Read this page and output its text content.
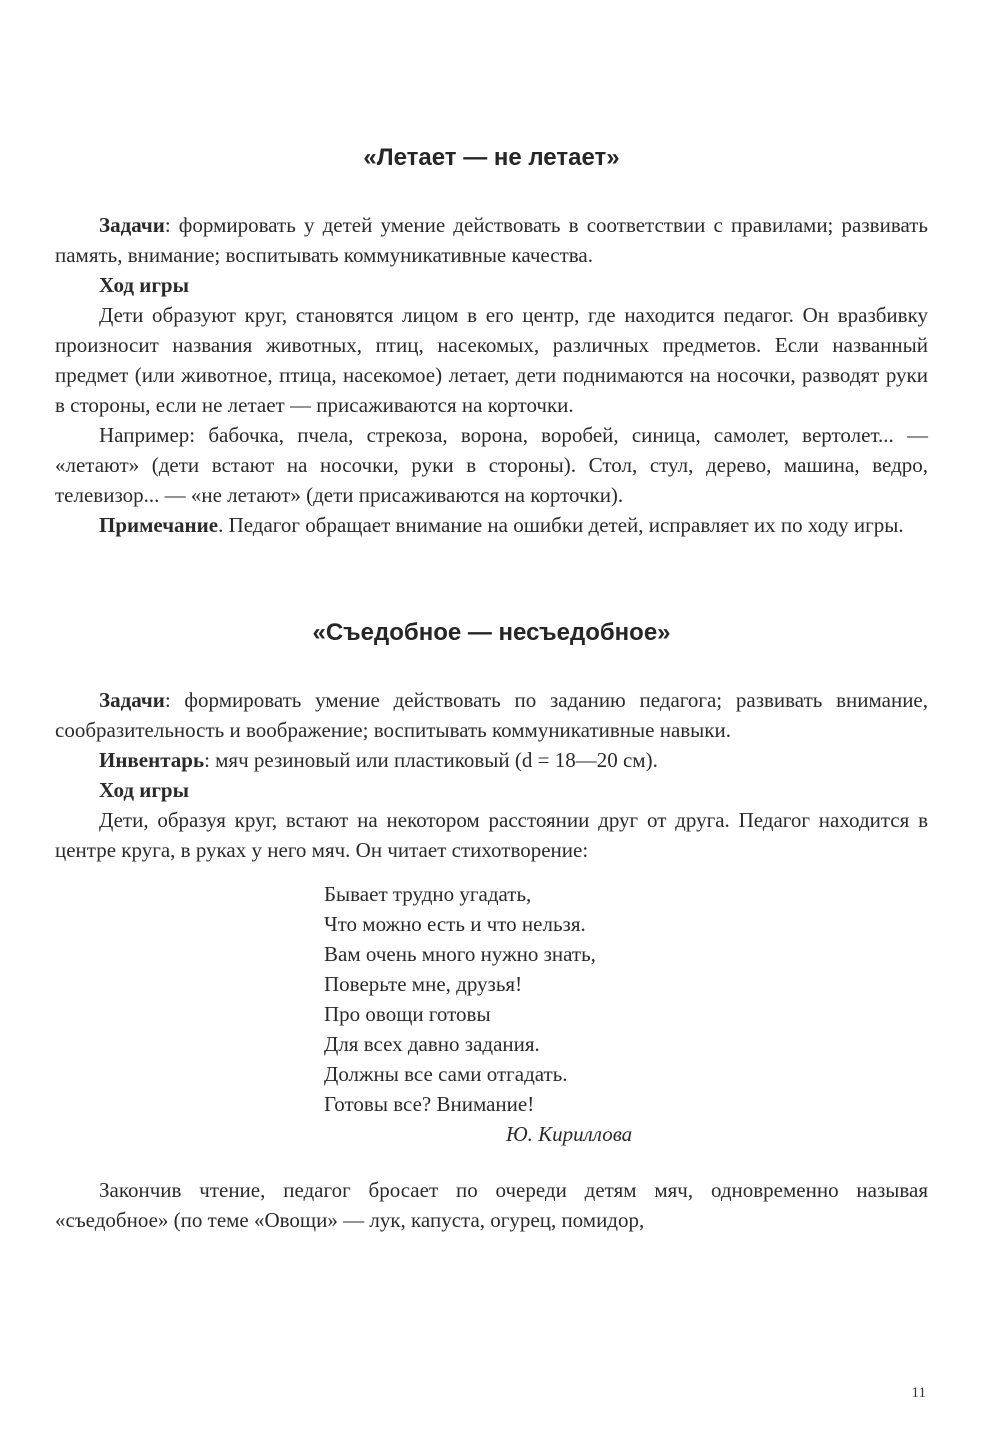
«Летает — не летает»

Задачи: формировать у детей умение действовать в соответствии с правилами; развивать память, внимание; воспитывать коммуникативные качества.

Ход игры

Дети образуют круг, становятся лицом в его центр, где находится педагог. Он вразбивку произносит названия животных, птиц, насекомых, различных предметов. Если названный предмет (или животное, птица, насекомое) летает, дети поднимаются на носочки, разводят руки в стороны, если не летает — присаживаются на корточки.

Например: бабочка, пчела, стрекоза, ворона, воробей, синица, самолет, вертолет... — «летают» (дети встают на носочки, руки в стороны). Стол, стул, дерево, машина, ведро, телевизор... — «не летают» (дети присаживаются на корточки).

Примечание. Педагог обращает внимание на ошибки детей, исправляет их по ходу игры.

«Съедобное — несъедобное»

Задачи: формировать умение действовать по заданию педагога; развивать внимание, сообразительность и воображение; воспитывать коммуникативные навыки.

Инвентарь: мяч резиновый или пластиковый (d = 18—20 см).

Ход игры

Дети, образуя круг, встают на некотором расстоянии друг от друга. Педагог находится в центре круга, в руках у него мяч. Он читает стихотворение:

Бывает трудно угадать,
Что можно есть и что нельзя.
Вам очень много нужно знать,
Поверьте мне, друзья!
Про овощи готовы
Для всех давно задания.
Должны все сами отгадать.
Готовы все? Внимание!
Ю. Кириллова

Закончив чтение, педагог бросает по очереди детям мяч, одновременно называя «съедобное» (по теме «Овощи» — лук, капуста, огурец, помидор,

11
